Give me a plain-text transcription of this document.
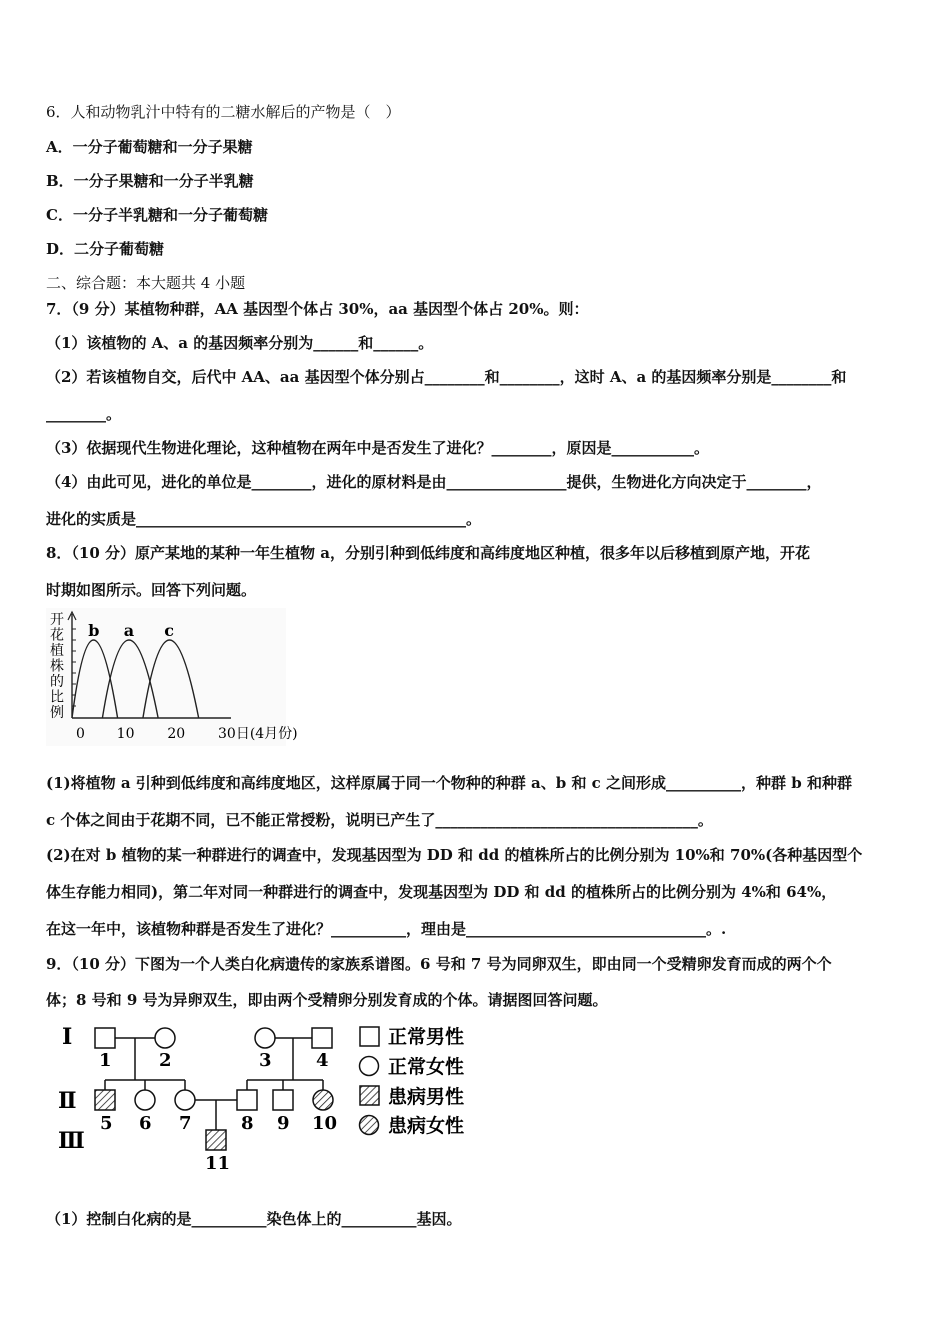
6．人和动物乳汁中特有的二糖水解后的产物是（　）
A．一分子葡萄糖和一分子果糖
B．一分子果糖和一分子半乳糖
C．一分子半乳糖和一分子葡萄糖
D．二分子葡萄糖
二、综合题：本大题共 4 小题
7．（9 分）某植物种群，AA 基因型个体占 30%，aa 基因型个体占 20%。则：
（1）该植物的 A、a 的基因频率分别为______和______。
（2）若该植物自交，后代中 AA、aa 基因型个体分别占________和________，这时 A、a 的基因频率分别是________和
________。
（3）依据现代生物进化理论，这种植物在两年中是否发生了进化？________，原因是___________。
（4）由此可见，进化的单位是________，进化的原材料是由________________提供，生物进化方向决定于________，
进化的实质是____________________________________________。
8．（10 分）原产某地的某种一年生植物 a，分别引种到低纬度和高纬度地区种植，很多年以后移植到原产地，开花
时期如图所示。回答下列问题。
开
花
植
株
的
比
例
b a c
0 10 20 30日(4月份)
(1)将植物 a 引种到低纬度和高纬度地区，这样原属于同一个物种的种群 a、b 和 c 之间形成__________，种群 b 和种群
c 个体之间由于花期不同，已不能正常授粉，说明已产生了___________________________________。
(2)在对 b 植物的某一种群进行的调查中，发现基因型为 DD 和 dd 的植株所占的比例分别为 10%和 70%(各种基因型个
体生存能力相同)，第二年对同一种群进行的调查中，发现基因型为 DD 和 dd 的植株所占的比例分别为 4%和 64%，
在这一年中，该植物种群是否发生了进化？__________，理由是________________________________。.
9．（10 分）下图为一个人类白化病遗传的家族系谱图。6 号和 7 号为同卵双生，即由同一个受精卵发育而成的两个个
体；8 号和 9 号为异卵双生，即由两个受精卵分别发育成的个体。请据图回答问题。
Ⅰ
Ⅱ
Ⅲ
1	2	3 4
5 6 7	8 9 10
11
正常男性
正常女性
患病男性
患病女性
（1）控制白化病的是__________染色体上的__________基因。
